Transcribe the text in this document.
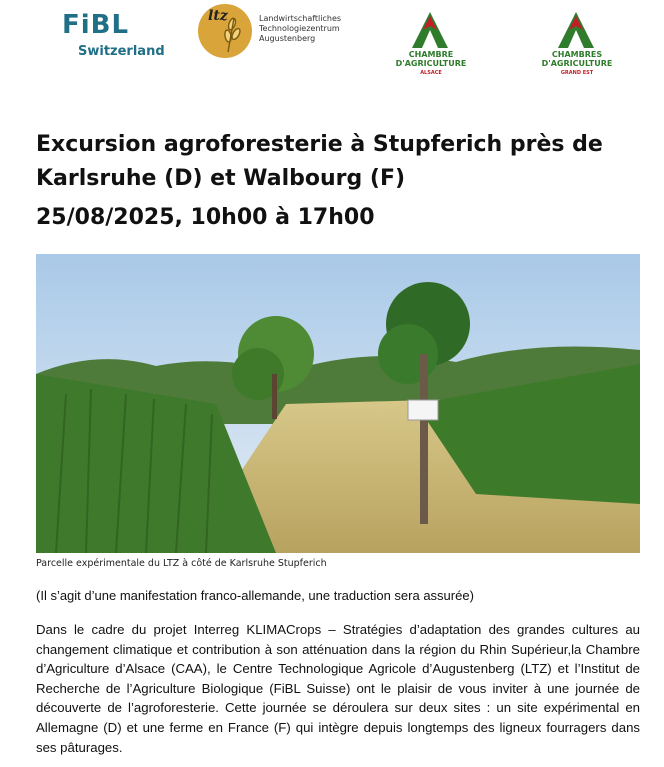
FiBL
Switzerland
ltz	Landwirtschaftliches
Technologiezentrum
Augustenberg
CHAMBRE
D'AGRICULTURE
ALSACE
CHAMBRES
D'AGRICULTURE
GRAND EST
Excursion agroforesterie à Stupferich près de
Karlsruhe (D) et Walbourg (F)
25/08/2025, 10h00 à 17h00
Parcelle expérimentale du LTZ à côté de Karlsruhe Stupferich
(Il s’agit d’une manifestation franco-allemande, une traduction sera assurée)
Dans le cadre du projet Interreg KLIMACrops – Stratégies d’adaptation des grandes cultures au changement climatique et contribution à son atténuation dans la région du Rhin Supérieur,la Chambre d’Agriculture d’Alsace (CAA), le Centre Technologique Agricole d’Augustenberg (LTZ) et l’Institut de Recherche de l’Agriculture Biologique (FiBL Suisse) ont le plaisir de vous inviter à une journée de découverte de l’agroforesterie. Cette journée se déroulera sur deux sites : un site expérimental en Allemagne (D) et une ferme en France (F) qui intègre depuis longtemps des ligneux fourragers dans ses pâturages.
